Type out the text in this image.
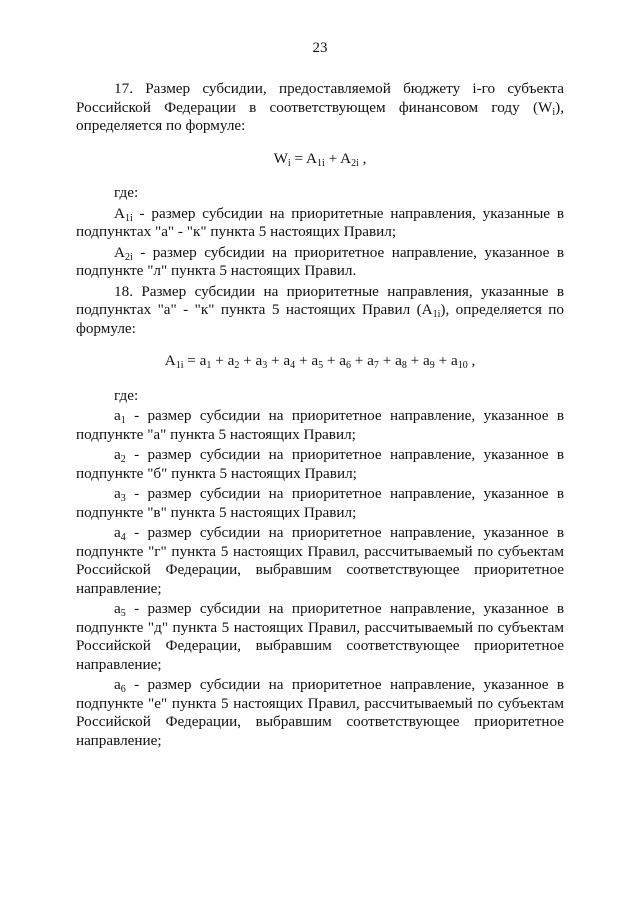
23

17. Размер субсидии, предоставляемой бюджету i-го субъекта Российской Федерации в соответствующем финансовом году $(W_i)$, определяется по формуле:

$W_i = A_{1i} + A_{2i}$ ,

где:

$A_{1i}$ - размер субсидии на приоритетные направления, указанные в подпунктах "а" - "к" пункта 5 настоящих Правил;

$A_{2i}$ - размер субсидии на приоритетное направление, указанное в подпункте "л" пункта 5 настоящих Правил.

18. Размер субсидии на приоритетные направления, указанные в подпунктах "а" - "к" пункта 5 настоящих Правил $(A_{1i})$, определяется по формуле:

$A_{1i} = a_1 + a_2 + a_3 + a_4 + a_5 + a_6 + a_7 + a_8 + a_9 + a_{10}$ ,

где:

$a_1$ - размер субсидии на приоритетное направление, указанное в подпункте "а" пункта 5 настоящих Правил;

$a_2$ - размер субсидии на приоритетное направление, указанное в подпункте "б" пункта 5 настоящих Правил;

$a_3$ - размер субсидии на приоритетное направление, указанное в подпункте "в" пункта 5 настоящих Правил;

$a_4$ - размер субсидии на приоритетное направление, указанное в подпункте "г" пункта 5 настоящих Правил, рассчитываемый по субъектам Российской Федерации, выбравшим соответствующее приоритетное направление;

$a_5$ - размер субсидии на приоритетное направление, указанное в подпункте "д" пункта 5 настоящих Правил, рассчитываемый по субъектам Российской Федерации, выбравшим соответствующее приоритетное направление;

$a_6$ - размер субсидии на приоритетное направление, указанное в подпункте "е" пункта 5 настоящих Правил, рассчитываемый по субъектам Российской Федерации, выбравшим соответствующее приоритетное направление;
